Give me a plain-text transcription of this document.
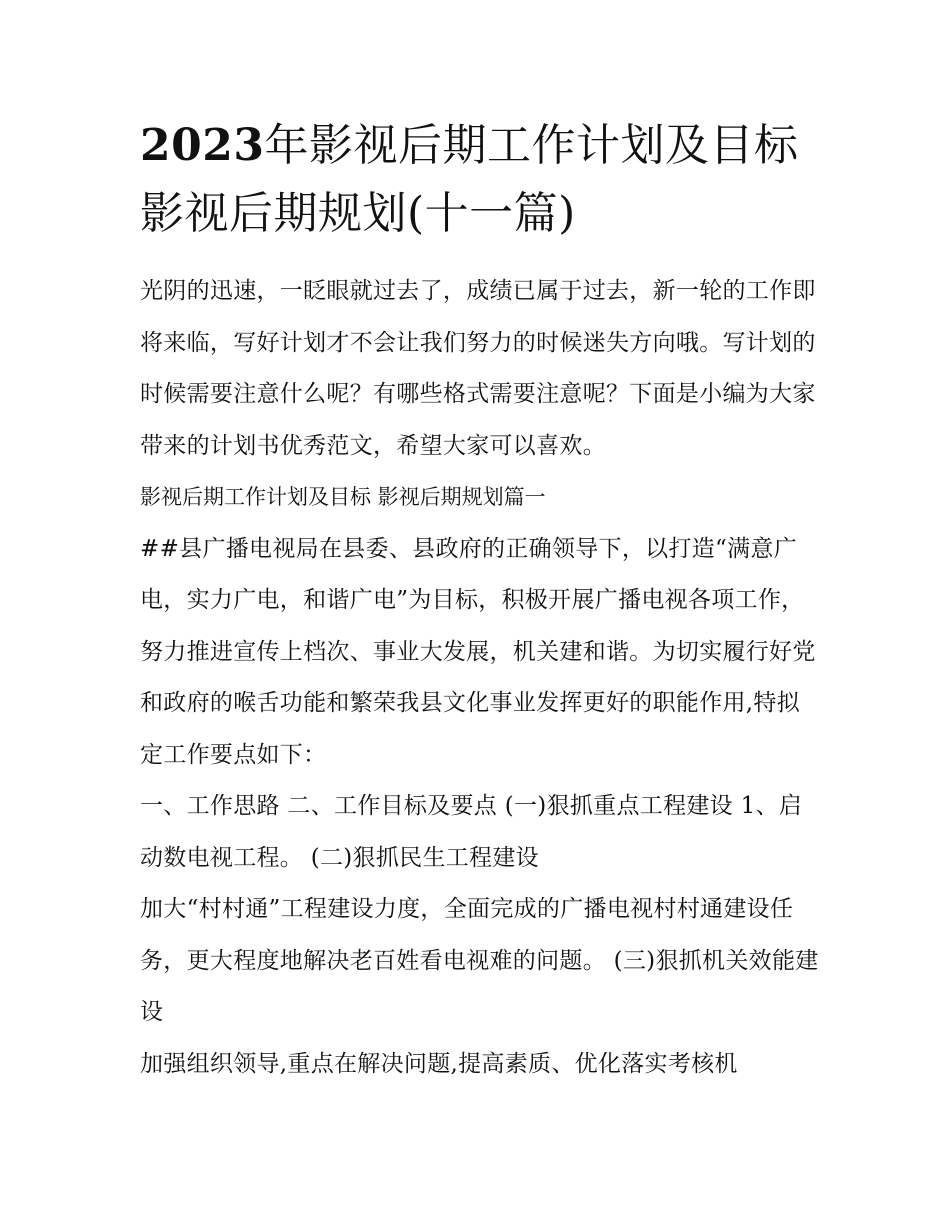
2023年影视后期工作计划及目标 影视后期规划(十一篇)

光阴的迅速，一眨眼就过去了，成绩已属于过去，新一轮的工作即将来临，写好计划才不会让我们努力的时候迷失方向哦。写计划的时候需要注意什么呢？有哪些格式需要注意呢？下面是小编为大家带来的计划书优秀范文，希望大家可以喜欢。

影视后期工作计划及目标 影视后期规划篇一

##县广播电视局在县委、县政府的正确领导下，以打造“满意广电，实力广电，和谐广电”为目标，积极开展广播电视各项工作，努力推进宣传上档次、事业大发展，机关建和谐。为切实履行好党和政府的喉舌功能和繁荣我县文化事业发挥更好的职能作用,特拟定工作要点如下：

一、工作思路 二、工作目标及要点 (一)狠抓重点工程建设 1、启动数电视工程。 (二)狠抓民生工程建设

加大“村村通”工程建设力度，全面完成的广播电视村村通建设任务，更大程度地解决老百姓看电视难的问题。 (三)狠抓机关效能建设

加强组织领导,重点在解决问题,提高素质、优化落实考核机
